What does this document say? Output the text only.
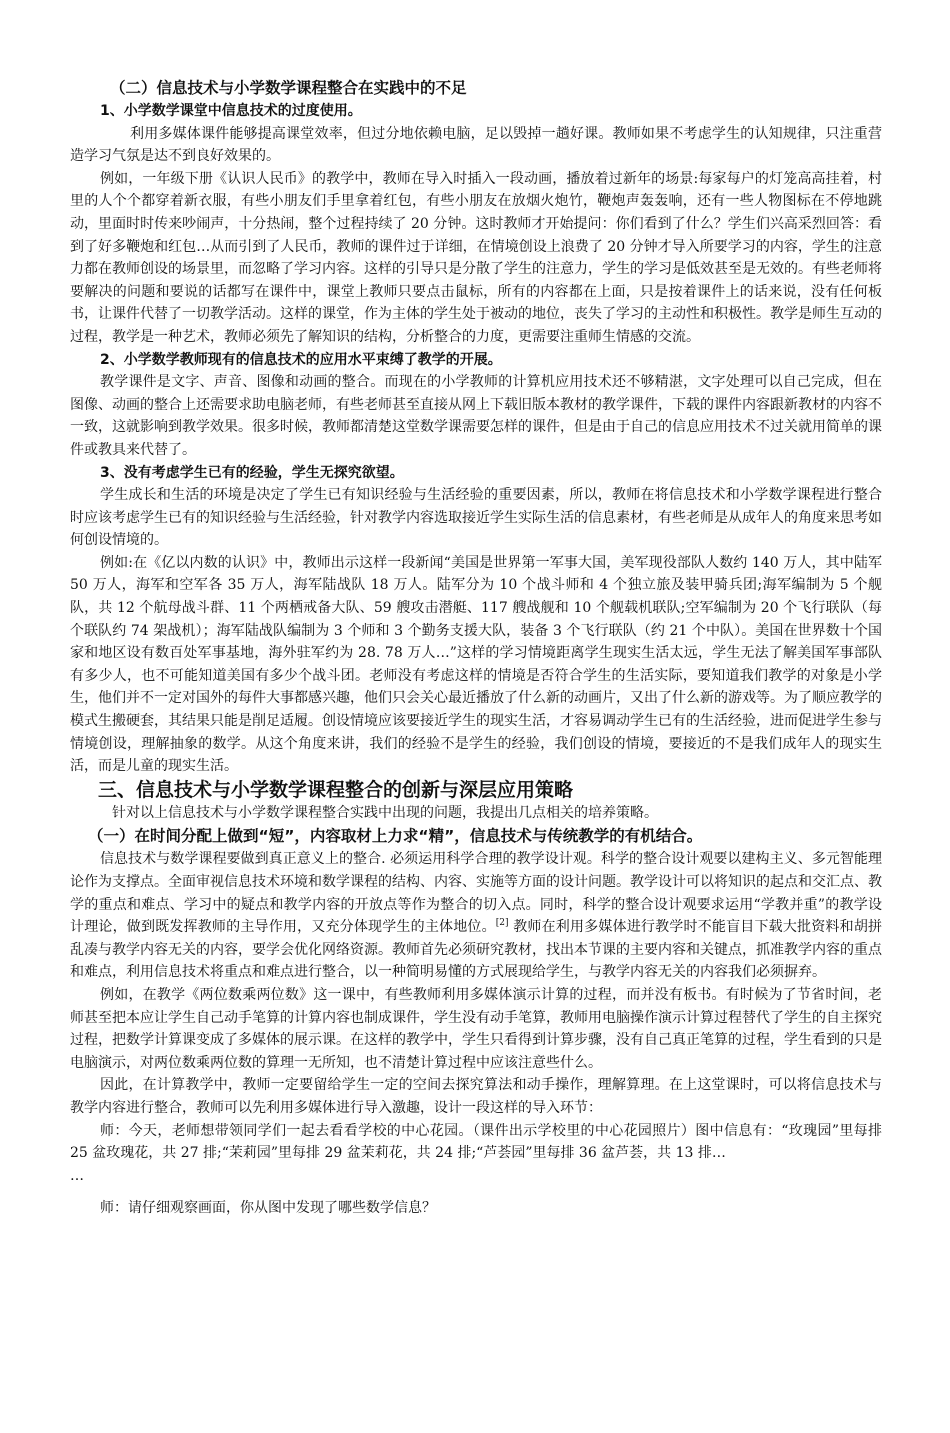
（二）信息技术与小学数学课程整合在实践中的不足
1、小学数学课堂中信息技术的过度使用。

利用多媒体课件能够提高课堂效率，但过分地依赖电脑，足以毁掉一趟好课。教师如果不考虑学生的认知规律，只注重营造学习气氛是达不到良好效果的。

例如，一年级下册《认识人民币》的教学中，教师在导入时插入一段动画，播放着过新年的场景:每家每户的灯笼高高挂着，村里的人个个都穿着新衣服，有些小朋友们手里拿着红包，有些小朋友在放烟火炮竹，鞭炮声轰轰响，还有一些人物图标在不停地跳动，里面时时传来吵闹声，十分热闹，整个过程持续了 20 分钟。这时教师才开始提问：你们看到了什么？学生们兴高采烈回答：看到了好多鞭炮和红包…从而引到了人民币，教师的课件过于详细，在情境创设上浪费了 20 分钟才导入所要学习的内容，学生的注意力都在教师创设的场景里，而忽略了学习内容。这样的引导只是分散了学生的注意力，学生的学习是低效甚至是无效的。有些老师将要解决的问题和要说的话都写在课件中，课堂上教师只要点击鼠标，所有的内容都在上面，只是按着课件上的话来说，没有任何板书，让课件代替了一切教学活动。这样的课堂，作为主体的学生处于被动的地位，丧失了学习的主动性和积极性。教学是师生互动的过程，教学是一种艺术，教师必须先了解知识的结构，分析整合的力度，更需要注重师生情感的交流。

2、小学数学教师现有的信息技术的应用水平束缚了教学的开展。

教学课件是文字、声音、图像和动画的整合。而现在的小学教师的计算机应用技术还不够精湛，文字处理可以自己完成，但在图像、动画的整合上还需要求助电脑老师，有些老师甚至直接从网上下载旧版本教材的教学课件，下载的课件内容跟新教材的内容不一致，这就影响到教学效果。很多时候，教师都清楚这堂数学课需要怎样的课件，但是由于自己的信息应用技术不过关就用简单的课件或教具来代替了。

3、没有考虑学生已有的经验，学生无探究欲望。

学生成长和生活的环境是决定了学生已有知识经验与生活经验的重要因素，所以，教师在将信息技术和小学数学课程进行整合时应该考虑学生已有的知识经验与生活经验，针对教学内容选取接近学生实际生活的信息素材，有些老师是从成年人的角度来思考如何创设情境的。

例如:在《亿以内数的认识》中，教师出示这样一段新闻“美国是世界第一军事大国，美军现役部队人数约 140 万人，其中陆军 50 万人，海军和空军各 35 万人，海军陆战队 18 万人。陆军分为 10 个战斗师和 4 个独立旅及装甲骑兵团;海军编制为 5 个舰队，共 12 个航母战斗群、11 个两栖戒备大队、59 艘攻击潜艇、117 艘战舰和 10 个舰载机联队;空军编制为 20 个飞行联队（每个联队约 74 架战机）；海军陆战队编制为 3 个师和 3 个勤务支援大队，装备 3 个飞行联队（约 21 个中队）。美国在世界数十个国家和地区设有数百处军事基地，海外驻军约为 28. 78 万人…”这样的学习情境距离学生现实生活太远，学生无法了解美国军事部队有多少人，也不可能知道美国有多少个战斗团。老师没有考虑这样的情境是否符合学生的生活实际，要知道我们教学的对象是小学生，他们并不一定对国外的每件大事都感兴趣，他们只会关心最近播放了什么新的动画片，又出了什么新的游戏等。为了顺应教学的模式生搬硬套，其结果只能是削足适履。创设情境应该要接近学生的现实生活，才容易调动学生已有的生活经验，进而促进学生参与情境创设，理解抽象的数学。从这个角度来讲，我们的经验不是学生的经验，我们创设的情境，要接近的不是我们成年人的现实生活，而是儿童的现实生活。

三、信息技术与小学数学课程整合的创新与深层应用策略

针对以上信息技术与小学数学课程整合实践中出现的问题，我提出几点相关的培养策略。

（一）在时间分配上做到“短”，内容取材上力求“精”，信息技术与传统教学的有机结合。

信息技术与数学课程要做到真正意义上的整合. 必须运用科学合理的教学设计观。科学的整合设计观要以建构主义、多元智能理论作为支撑点。全面审视信息技术环境和数学课程的结构、内容、实施等方面的设计问题。教学设计可以将知识的起点和交汇点、教学的重点和难点、学习中的疑点和教学内容的开放点等作为整合的切入点。同时，科学的整合设计观要求运用“学教并重”的教学设计理论，做到既发挥教师的主导作用，又充分体现学生的主体地位。[2] 教师在利用多媒体进行教学时不能盲目下载大批资料和胡拼乱凑与教学内容无关的内容，要学会优化网络资源。教师首先必须研究教材，找出本节课的主要内容和关键点，抓准教学内容的重点和难点，利用信息技术将重点和难点进行整合，以一种简明易懂的方式展现给学生，与教学内容无关的内容我们必须摒弃。

例如，在教学《两位数乘两位数》这一课中，有些教师利用多媒体演示计算的过程，而并没有板书。有时候为了节省时间，老师甚至把本应让学生自己动手笔算的计算内容也制成课件，学生没有动手笔算，教师用电脑操作演示计算过程替代了学生的自主探究过程，把数学计算课变成了多媒体的展示课。在这样的教学中，学生只看得到计算步骤，没有自己真正笔算的过程，学生看到的只是电脑演示，对两位数乘两位数的算理一无所知，也不清楚计算过程中应该注意些什么。

因此，在计算教学中，教师一定要留给学生一定的空间去探究算法和动手操作，理解算理。在上这堂课时，可以将信息技术与教学内容进行整合，教师可以先利用多媒体进行导入激趣，设计一段这样的导入环节：

师：今天，老师想带领同学们一起去看看学校的中心花园。（课件出示学校里的中心花园照片）图中信息有：“玫瑰园”里每排 25 盆玫瑰花，共 27 排;“茉莉园”里每排 29 盆茉莉花，共 24 排;“芦荟园”里每排 36 盆芦荟，共 13 排…
…

师：请仔细观察画面，你从图中发现了哪些数学信息？
